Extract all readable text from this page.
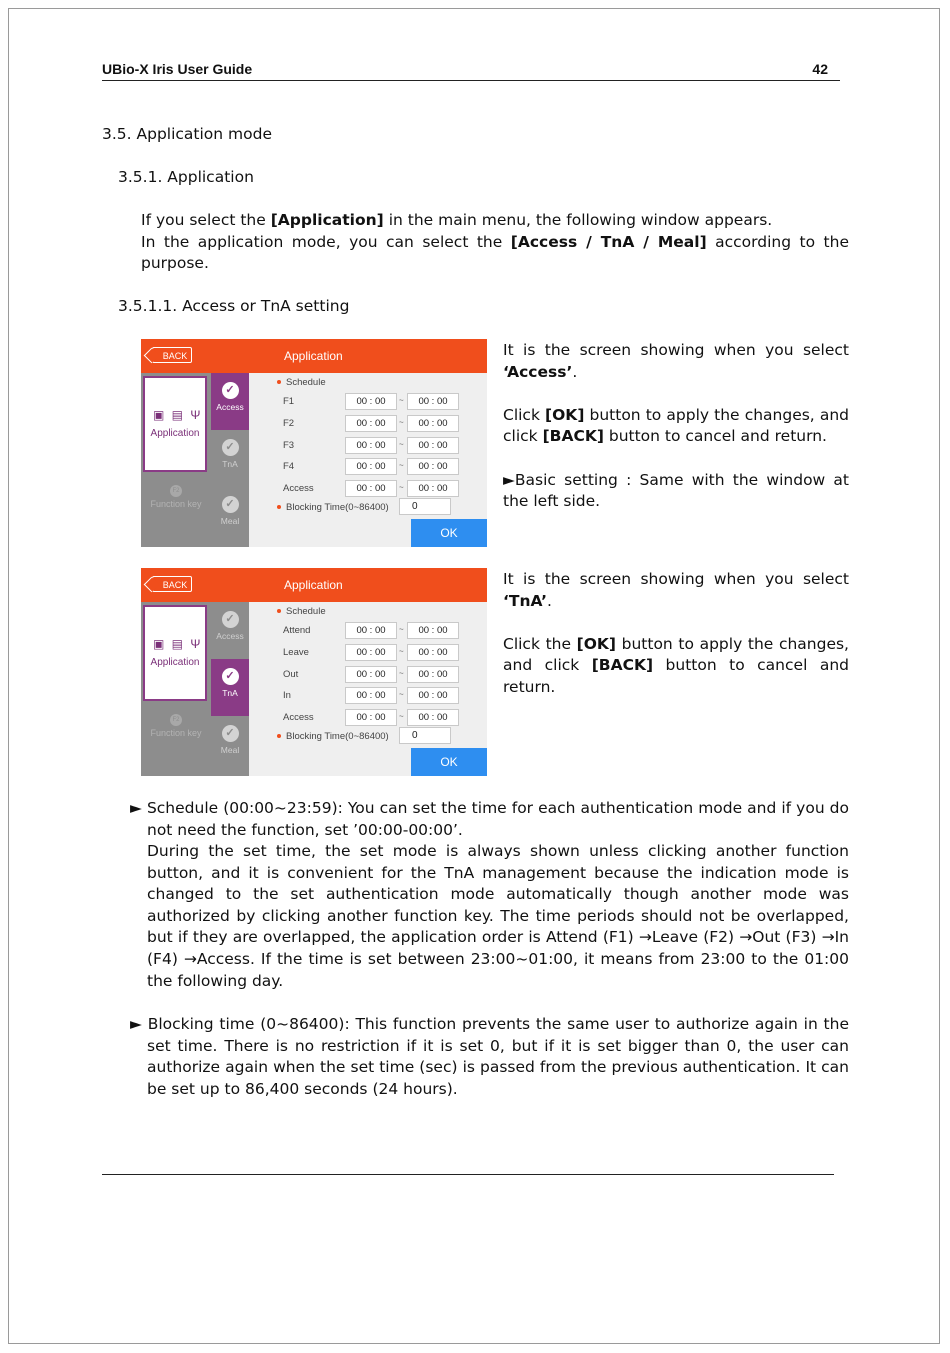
UBio-X Iris User Guide	42
3.5. Application mode
3.5.1. Application

If you select the [Application] in the main menu, the following window appears.

In the application mode, you can select the [Access / TnA / Meal] according to the purpose.

3.5.1.1. Access or TnA setting
BACK	Application
▣ ▤ Ψ
Application
F2
Function key
✓
Access
✓
TnA
✓
Meal
Schedule
F1	00 : 00	~	00 : 00
F2	00 : 00	~	00 : 00
F3	00 : 00	~	00 : 00
F4	00 : 00	~	00 : 00
Access	00 : 00	~	00 : 00
Blocking Time(0~86400)	0
OK

It is the screen showing when you select ‘Access’.

Click [OK] button to apply the changes, and click [BACK] button to cancel and return.

►Basic setting : Same with the window at the left side.

BACK	Application
▣ ▤ Ψ
Application
F2
Function key
✓
Access
✓
TnA
✓
Meal
Schedule
Attend	00 : 00	~	00 : 00
Leave	00 : 00	~	00 : 00
Out	00 : 00	~	00 : 00
In	00 : 00	~	00 : 00
Access	00 : 00	~	00 : 00
Blocking Time(0~86400)	0
OK

It is the screen showing when you select ‘TnA’.

Click the [OK] button to apply the changes, and click [BACK] button to cancel and return.

► Schedule (00:00~23:59): You can set the time for each authentication mode and if you do not need the function, set ’00:00-00:00’.

During the set time, the set mode is always shown unless clicking another function button, and it is convenient for the TnA management because the indication mode is changed to the set authentication mode automatically though another mode was authorized by clicking another function key. The time periods should not be overlapped, but if they are overlapped, the application order is Attend (F1) →Leave (F2) →Out (F3) →In (F4) →Access. If the time is set between 23:00~01:00, it means from 23:00 to the 01:00 the following day.

► Blocking time (0~86400): This function prevents the same user to authorize again in the set time. There is no restriction if it is set 0, but if it is set bigger than 0, the user can authorize again when the set time (sec) is passed from the previous authentication. It can be set up to 86,400 seconds (24 hours).
